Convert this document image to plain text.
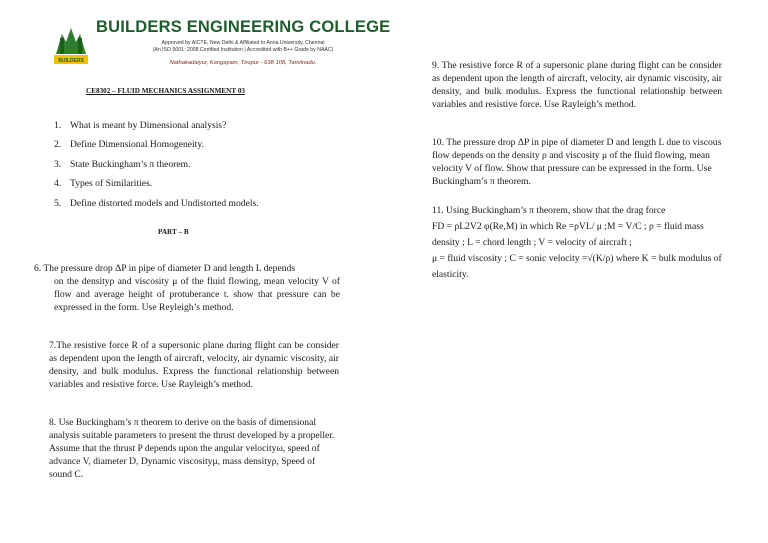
BUILDERS
BUILDERS ENGINEERING COLLEGE
Approved by AICTE, New Delhi & Affiliated to Anna University, Chennai
(An ISO 9001: 2008 Certified Institution | Accredited with B++ Grade by NAAC)
Nathakadaiyur, Kangayam, Tirupur - 638 108, Tamilnadu.
CE8302 – FLUID MECHANICS ASSIGNMENT 03
1. What is meant by Dimensional analysis?
2. Define Dimensional Homogeneity.
3. State Buckingham’s π theorem.
4. Types of Similarities.
5. Define distorted models and Undistorted models.
PART – B
6. The pressure drop ΔP in pipe of diameter D and length L depends
on the densityρ and viscosity μ of the fluid flowing, mean velocity V of flow and average height of protuberance t. show that pressure can be expressed in the form. Use Reyleigh’s method.
7.The resistive force R of a supersonic plane during flight can be consider as dependent upon the length of aircraft, velocity, air dynamic viscosity, air density, and bulk modulus. Express the functional relationship between variables and resistive force. Use Rayleigh’s method.
8. Use Buckingham’s π theorem to derive on the basis of dimensional analysis suitable parameters to present the thrust developed by a propeller. Assume that the thrust P depends upon the angular velocityω, speed of advance V, diameter D, Dynamic viscosityμ, mass densityρ, Speed of sound C.
9. The resistive force R of a supersonic plane during flight can be consider as dependent upon the length of aircraft, velocity, air dynamic viscosity, air density, and bulk modulus. Express the functional relationship between variables and resistive force. Use Rayleigh’s method.
10. The pressure drop ΔP in pipe of diameter D and length L due to viscous flow depends on the density ρ and viscosity μ of the fluid flowing, mean velocity V of flow. Show that pressure can be expressed in the form. Use Buckingham’s π theorem.
11. Using Buckingham’s π theorem, show that the drag force
FD = ρL2V2 φ(Re,M) in which Re =ρVL/ μ ;M = V/C ; ρ = fluid mass density ; L = chord length ; V = velocity of aircraft ;
μ = fluid viscosity ; C = sonic velocity =√(K/ρ) where K = bulk modulus of elasticity.
